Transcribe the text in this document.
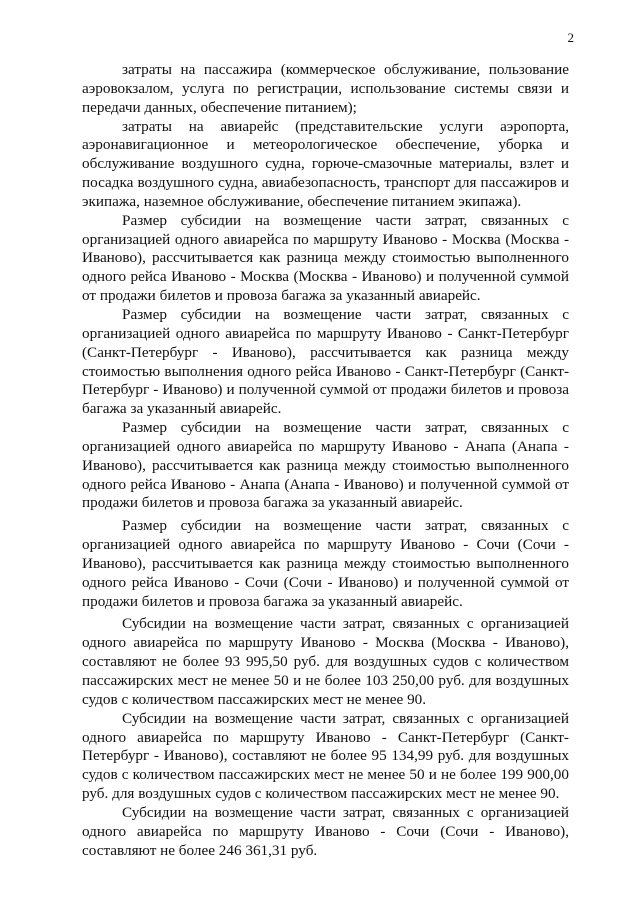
2

затраты на пассажира (коммерческое обслуживание, пользование аэровокзалом, услуга по регистрации, использование системы связи и передачи данных, обеспечение питанием);

затраты на авиарейс (представительские услуги аэропорта, аэронавигационное и метеорологическое обеспечение, уборка и обслуживание воздушного судна, горюче-смазочные материалы, взлет и посадка воздушного судна, авиабезопасность, транспорт для пассажиров и экипажа, наземное обслуживание, обеспечение питанием экипажа).

Размер субсидии на возмещение части затрат, связанных с организацией одного авиарейса по маршруту Иваново - Москва (Москва - Иваново), рассчитывается как разница между стоимостью выполненного одного рейса Иваново - Москва (Москва - Иваново) и полученной суммой от продажи билетов и провоза багажа за указанный авиарейс.

Размер субсидии на возмещение части затрат, связанных с организацией одного авиарейса по маршруту Иваново - Санкт-Петербург (Санкт-Петербург - Иваново), рассчитывается как разница между стоимостью выполнения одного рейса Иваново - Санкт-Петербург (Санкт-Петербург - Иваново) и полученной суммой от продажи билетов и провоза багажа за указанный авиарейс.

Размер субсидии на возмещение части затрат, связанных с организацией одного авиарейса по маршруту Иваново - Анапа (Анапа - Иваново), рассчитывается как разница между стоимостью выполненного одного рейса Иваново - Анапа (Анапа - Иваново) и полученной суммой от продажи билетов и провоза багажа за указанный авиарейс.

Размер субсидии на возмещение части затрат, связанных с организацией одного авиарейса по маршруту Иваново - Сочи (Сочи - Иваново), рассчитывается как разница между стоимостью выполненного одного рейса Иваново - Сочи (Сочи - Иваново) и полученной суммой от продажи билетов и провоза багажа за указанный авиарейс.

Субсидии на возмещение части затрат, связанных с организацией одного авиарейса по маршруту Иваново - Москва (Москва - Иваново), составляют не более 93 995,50 руб. для воздушных судов с количеством пассажирских мест не менее 50 и не более 103 250,00 руб. для воздушных судов с количеством пассажирских мест не менее 90.

Субсидии на возмещение части затрат, связанных с организацией одного авиарейса по маршруту Иваново - Санкт-Петербург (Санкт-Петербург - Иваново), составляют не более 95 134,99 руб. для воздушных судов с количеством пассажирских мест не менее 50 и не более 199 900,00 руб. для воздушных судов с количеством пассажирских мест не менее 90.

Субсидии на возмещение части затрат, связанных с организацией одного авиарейса по маршруту Иваново - Сочи (Сочи - Иваново), составляют не более 246 361,31 руб.
